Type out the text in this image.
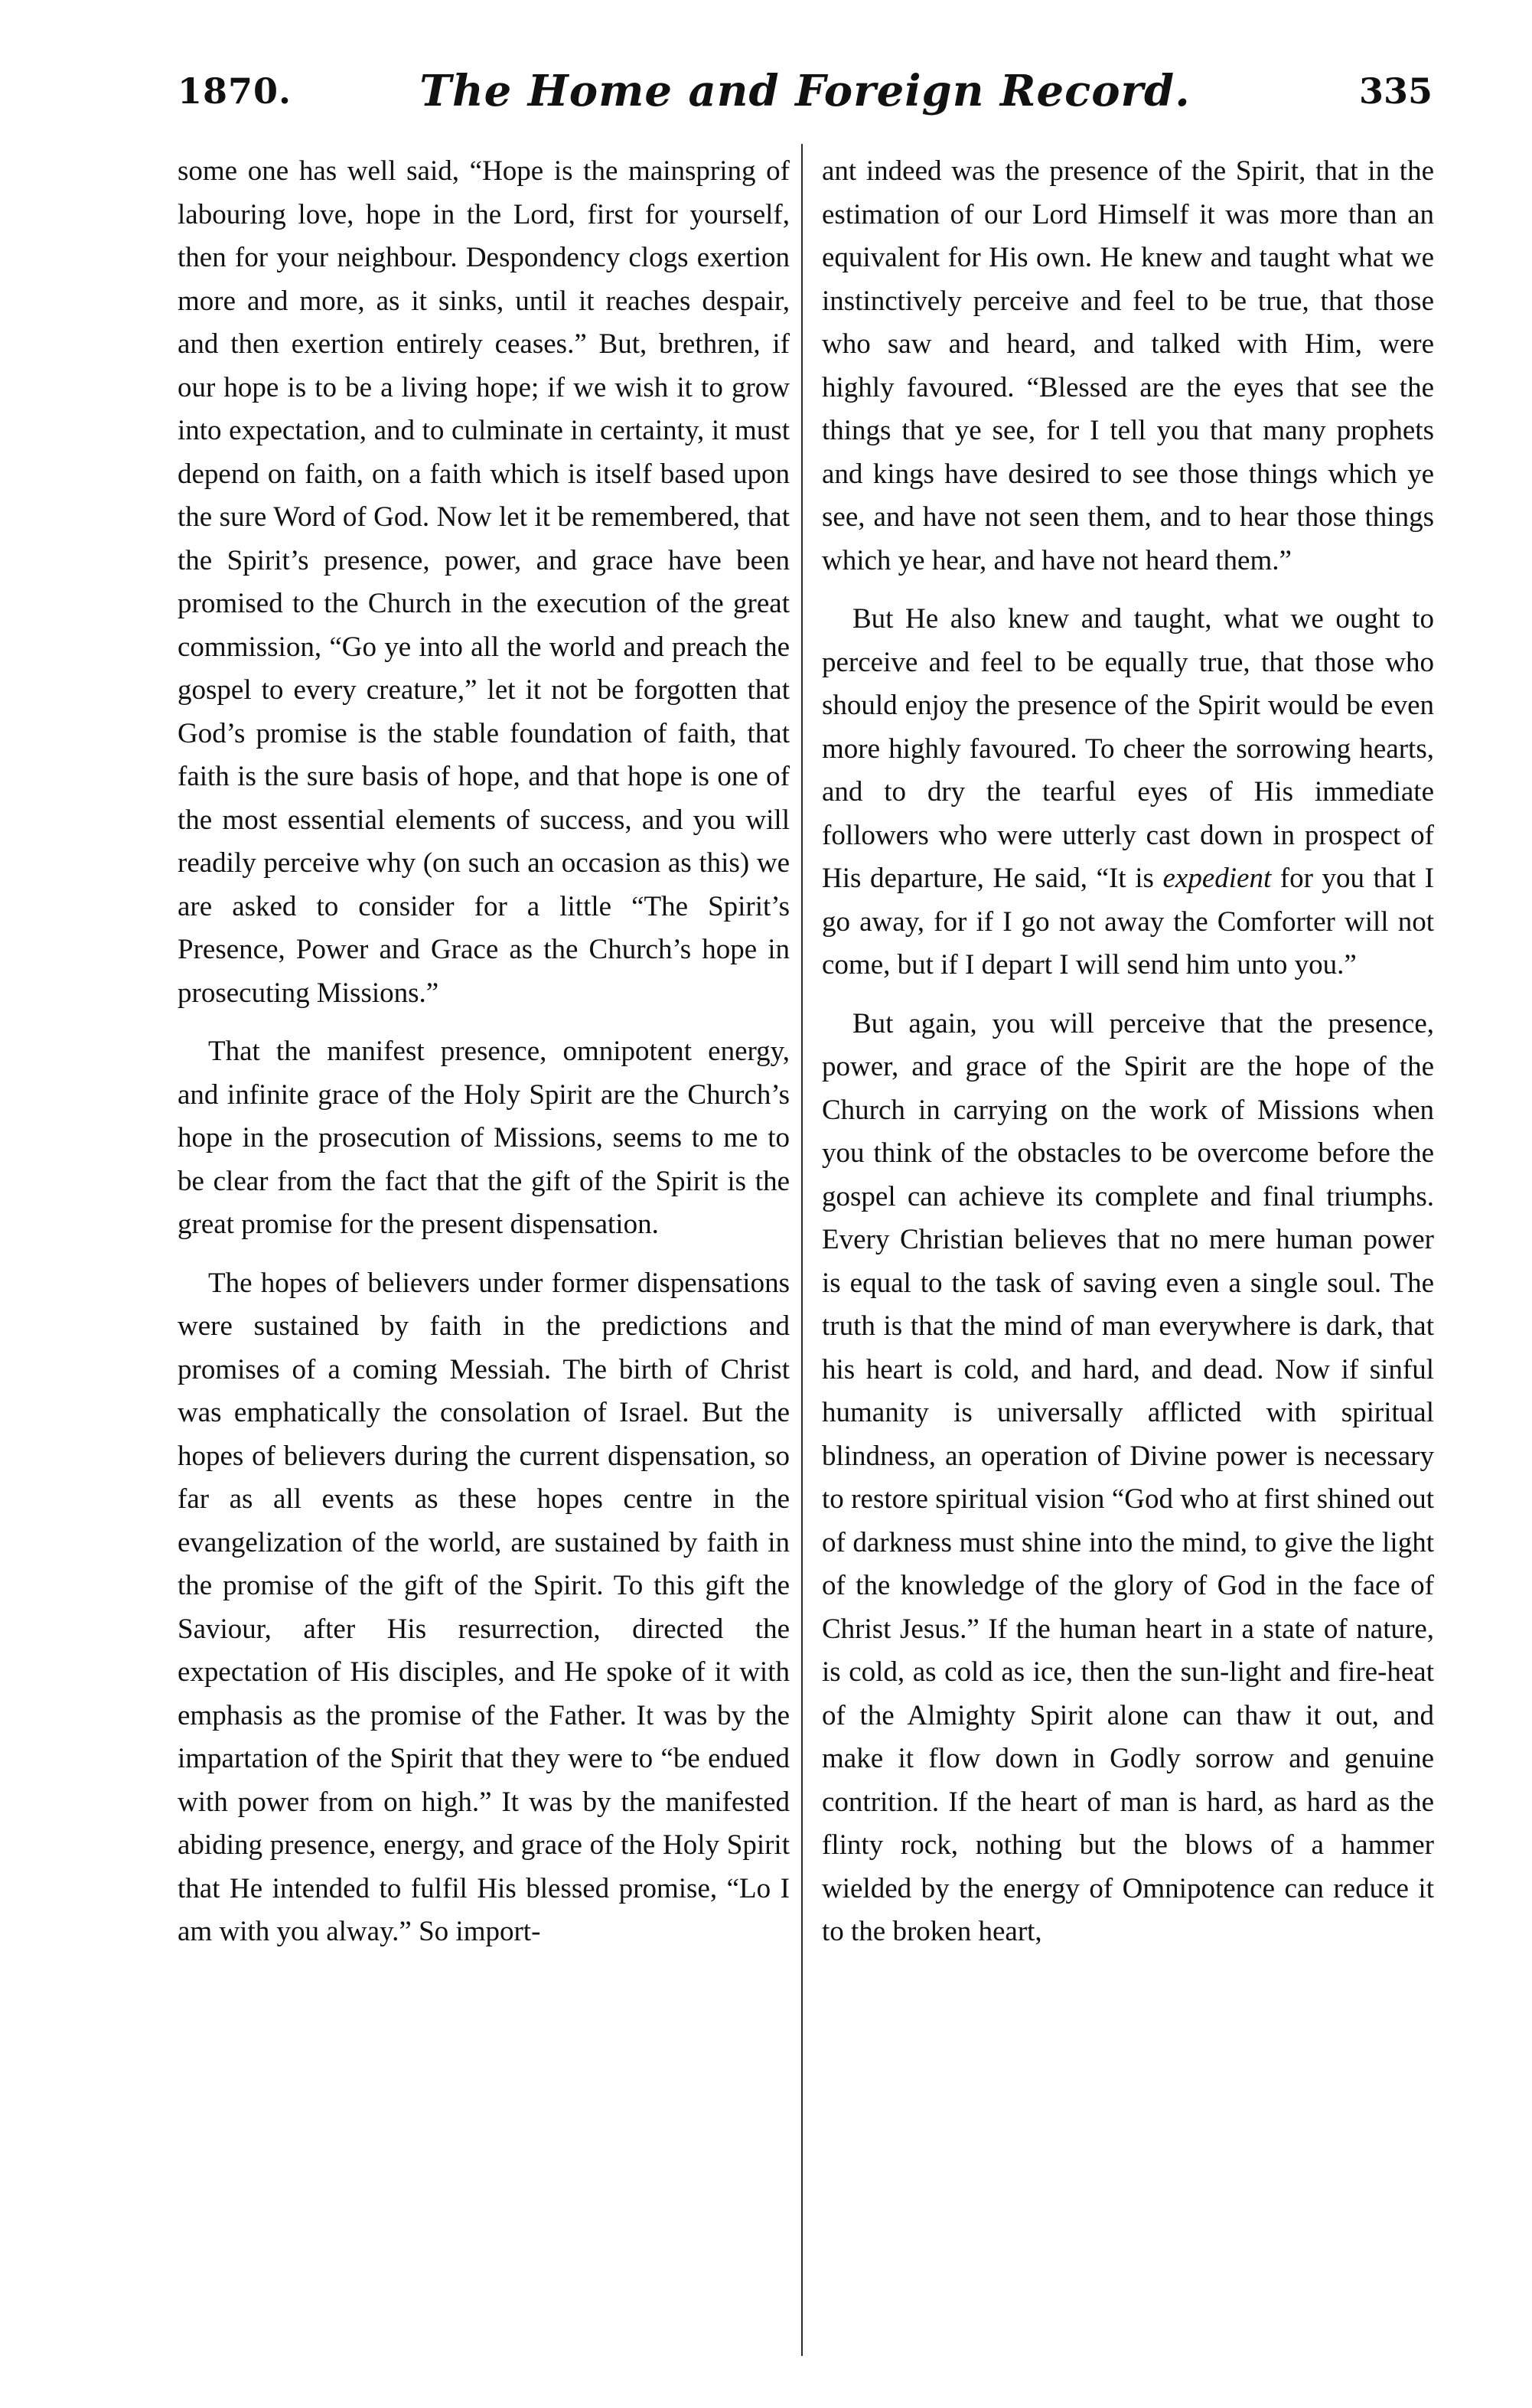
1870.	The Home and Foreign Record.	335

some one has well said, “Hope is the mainspring of labouring love, hope in the Lord, first for yourself, then for your neighbour. Despondency clogs exertion more and more, as it sinks, until it reaches despair, and then exertion entirely ceases.” But, brethren, if our hope is to be a living hope; if we wish it to grow into expectation, and to culminate in certainty, it must depend on faith, on a faith which is itself based upon the sure Word of God. Now let it be remembered, that the Spirit’s presence, power, and grace have been promised to the Church in the execution of the great commission, “Go ye into all the world and preach the gospel to every creature,” let it not be forgotten that God’s promise is the stable foundation of faith, that faith is the sure basis of hope, and that hope is one of the most essential elements of success, and you will readily perceive why (on such an occasion as this) we are asked to consider for a little “The Spirit’s Presence, Power and Grace as the Church’s hope in prosecuting Missions.”

That the manifest presence, omnipotent energy, and infinite grace of the Holy Spirit are the Church’s hope in the prosecution of Missions, seems to me to be clear from the fact that the gift of the Spirit is the great promise for the present dispensation.

The hopes of believers under former dispensations were sustained by faith in the predictions and promises of a coming Messiah. The birth of Christ was emphatically the consolation of Israel. But the hopes of believers during the current dispensation, so far as all events as these hopes centre in the evangelization of the world, are sustained by faith in the promise of the gift of the Spirit. To this gift the Saviour, after His resurrection, directed the expectation of His disciples, and He spoke of it with emphasis as the promise of the Father. It was by the impartation of the Spirit that they were to “be endued with power from on high.” It was by the manifested abiding presence, energy, and grace of the Holy Spirit that He intended to fulfil His blessed promise, “Lo I am with you alway.” So import-

ant indeed was the presence of the Spirit, that in the estimation of our Lord Himself it was more than an equivalent for His own. He knew and taught what we instinctively perceive and feel to be true, that those who saw and heard, and talked with Him, were highly favoured. “Blessed are the eyes that see the things that ye see, for I tell you that many prophets and kings have desired to see those things which ye see, and have not seen them, and to hear those things which ye hear, and have not heard them.”

But He also knew and taught, what we ought to perceive and feel to be equally true, that those who should enjoy the presence of the Spirit would be even more highly favoured. To cheer the sorrowing hearts, and to dry the tearful eyes of His immediate followers who were utterly cast down in prospect of His departure, He said, “It is expedient for you that I go away, for if I go not away the Comforter will not come, but if I depart I will send him unto you.”

But again, you will perceive that the presence, power, and grace of the Spirit are the hope of the Church in carrying on the work of Missions when you think of the obstacles to be overcome before the gospel can achieve its complete and final triumphs. Every Christian believes that no mere human power is equal to the task of saving even a single soul. The truth is that the mind of man everywhere is dark, that his heart is cold, and hard, and dead. Now if sinful humanity is universally afflicted with spiritual blindness, an operation of Divine power is necessary to restore spiritual vision “God who at first shined out of darkness must shine into the mind, to give the light of the knowledge of the glory of God in the face of Christ Jesus.” If the human heart in a state of nature, is cold, as cold as ice, then the sun-light and fire-heat of the Almighty Spirit alone can thaw it out, and make it flow down in Godly sorrow and genuine contrition. If the heart of man is hard, as hard as the flinty rock, nothing but the blows of a hammer wielded by the energy of Omnipotence can reduce it to the broken heart,
